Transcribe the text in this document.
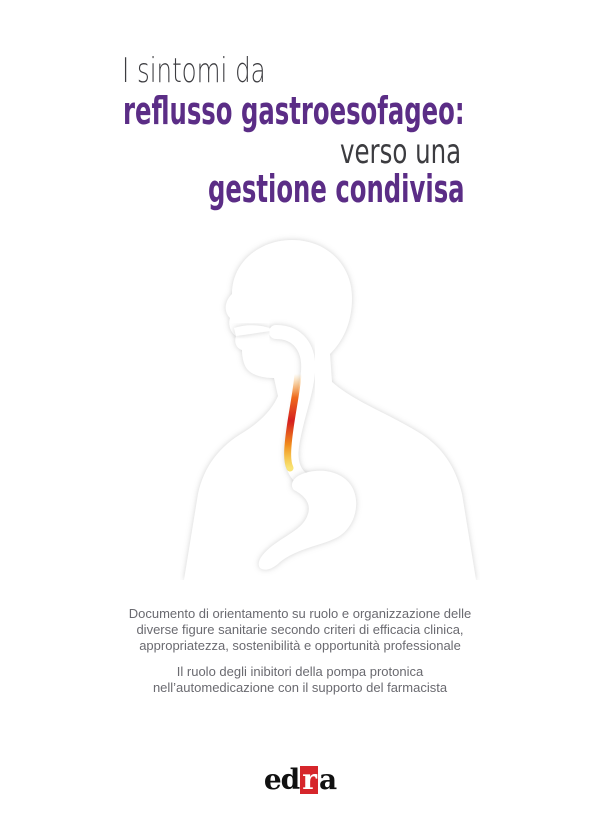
I sintomi da
reflusso gastroesofageo:
verso una
gestione condivisa

Documento di orientamento su ruolo e organizzazione delle
diverse figure sanitarie secondo criteri di efficacia clinica,
appropriatezza, sostenibilità e opportunità professionale

Il ruolo degli inibitori della pompa protonica
nell’automedicazione con il supporto del farmacista

ed r a
